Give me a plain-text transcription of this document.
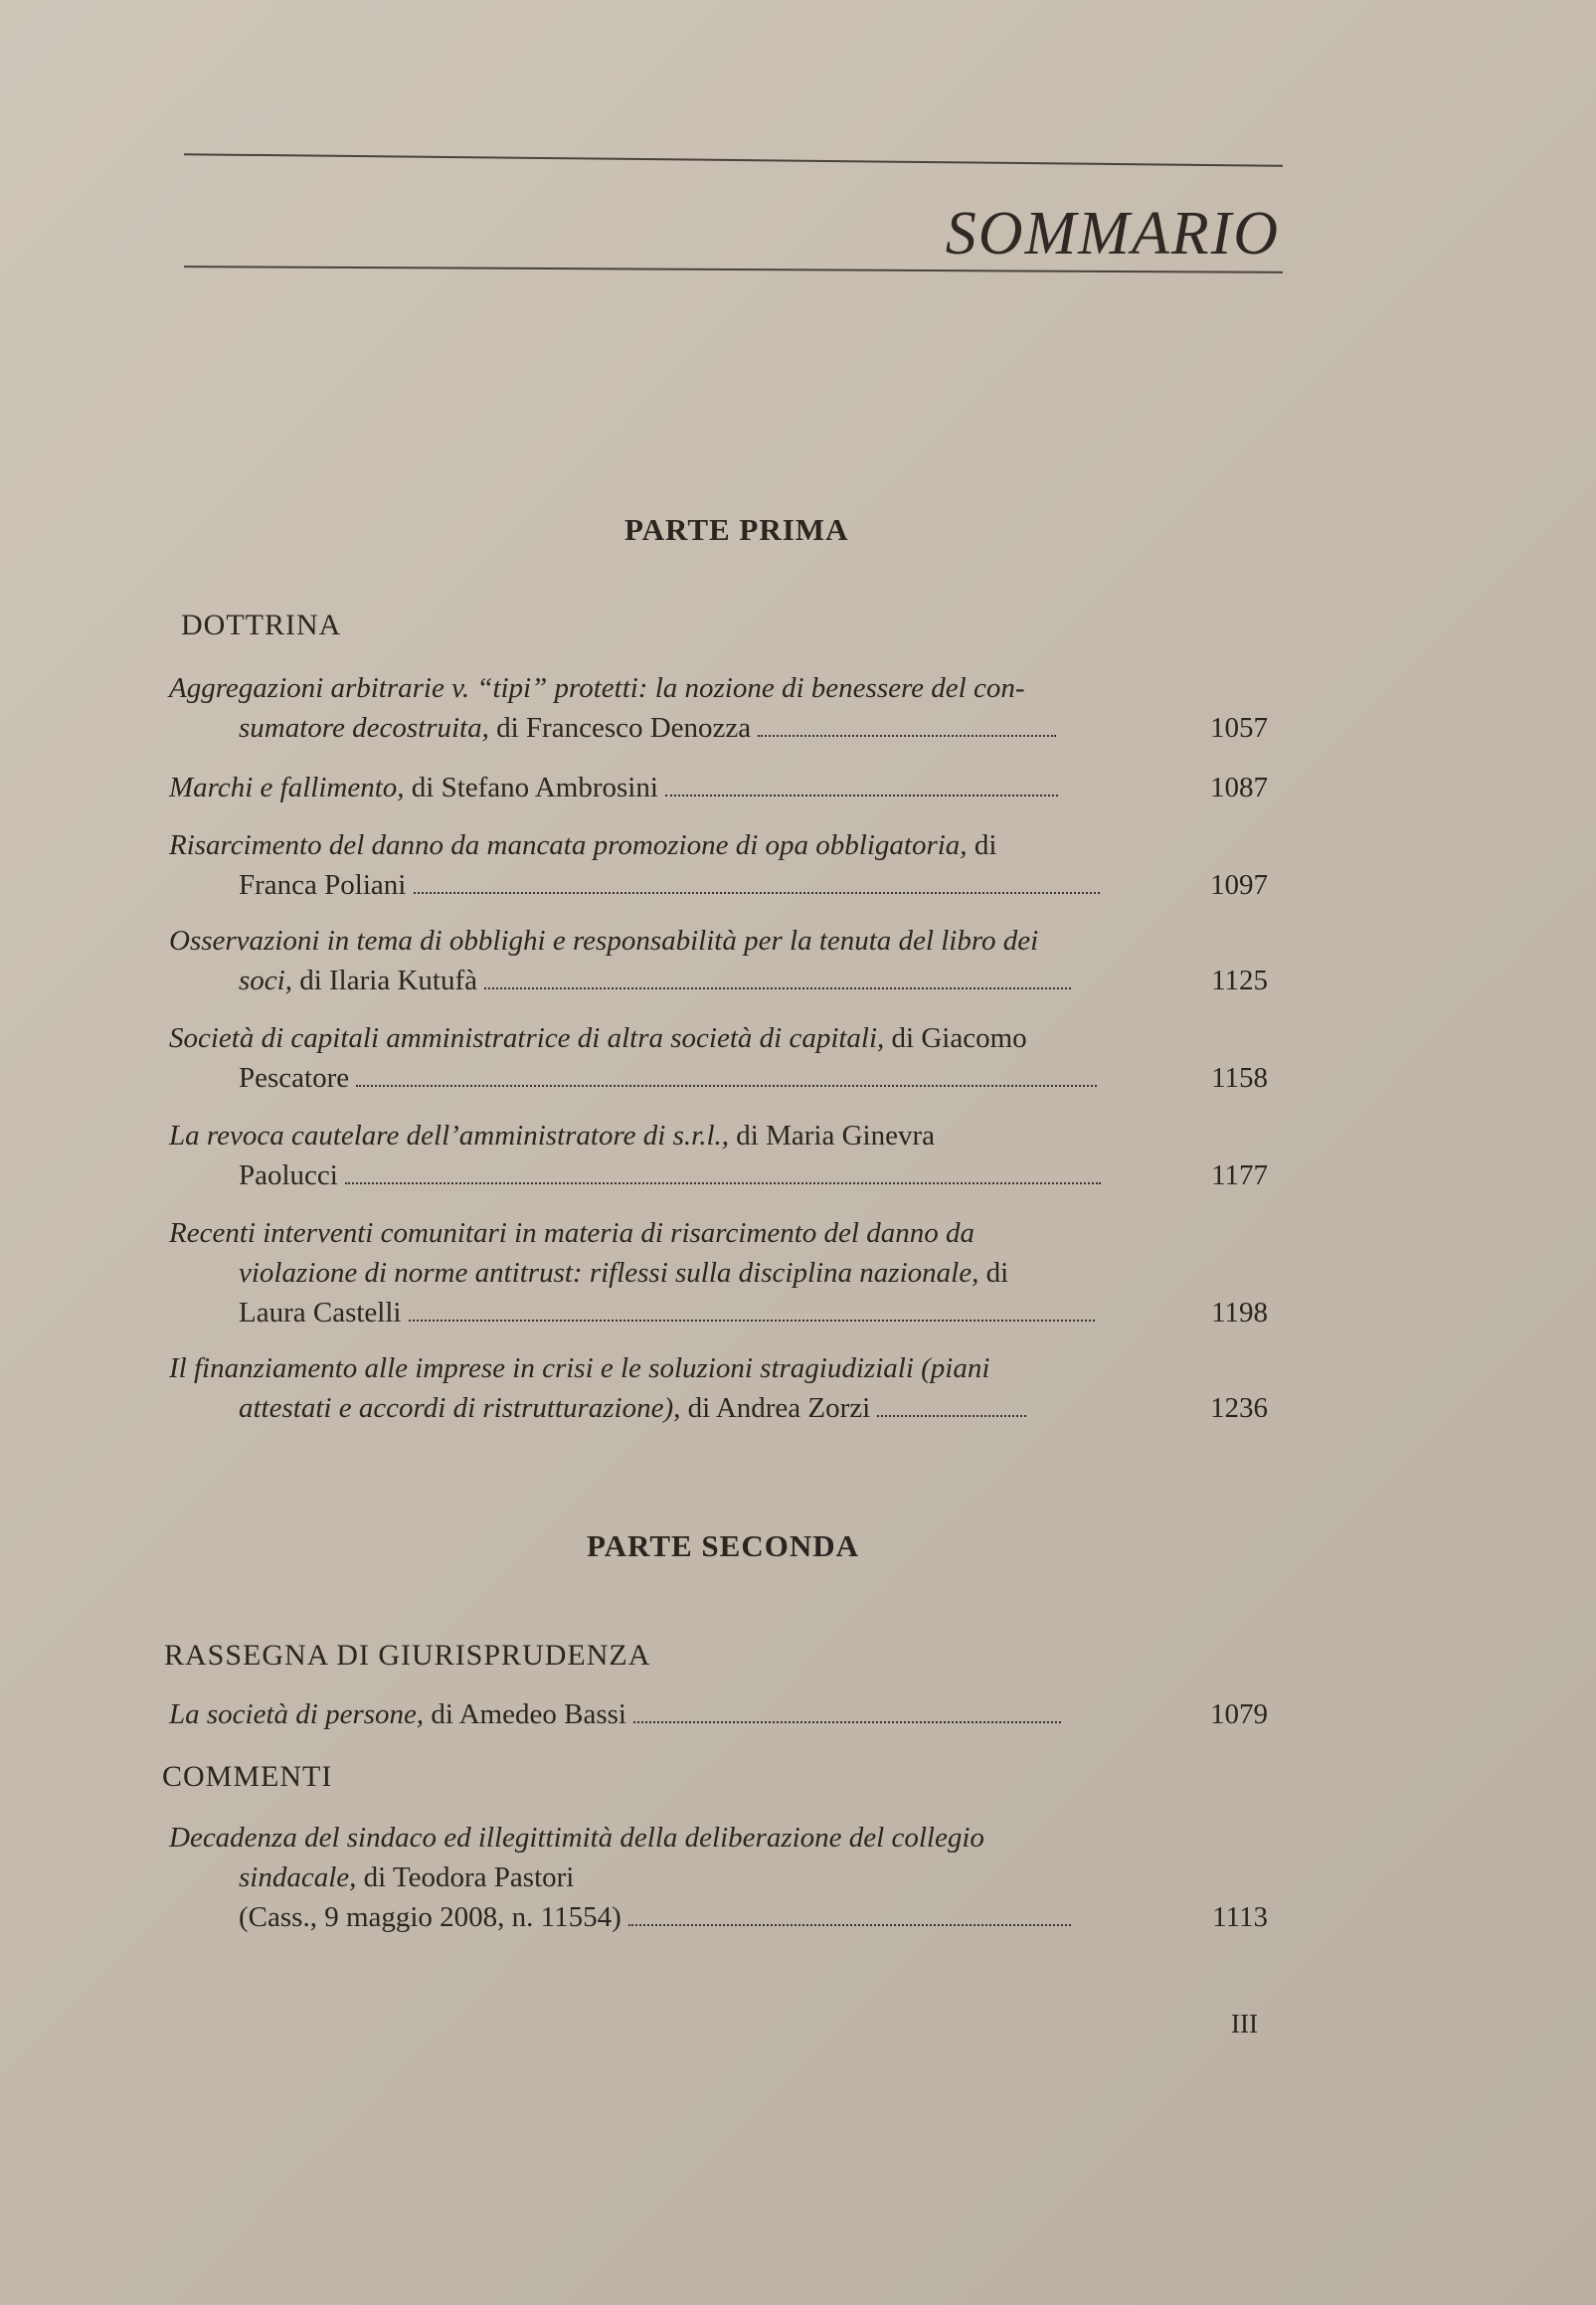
SOMMARIO
PARTE PRIMA
DOTTRINA
Aggregazioni arbitrarie v. “tipi” protetti: la nozione di benessere del con-
sumatore decostruita, di Francesco Denozza	1057
Marchi e fallimento, di Stefano Ambrosini	1087
Risarcimento del danno da mancata promozione di opa obbligatoria, di
Franca Poliani	1097
Osservazioni in tema di obblighi e responsabilità per la tenuta del libro dei
soci, di Ilaria Kutufà	1125
Società di capitali amministratrice di altra società di capitali, di Giacomo
Pescatore	1158
La revoca cautelare dell’amministratore di s.r.l., di Maria Ginevra
Paolucci	1177
Recenti interventi comunitari in materia di risarcimento del danno da
violazione di norme antitrust: riflessi sulla disciplina nazionale, di
Laura Castelli	1198
Il finanziamento alle imprese in crisi e le soluzioni stragiudiziali (piani
attestati e accordi di ristrutturazione), di Andrea Zorzi	1236
PARTE SECONDA
RASSEGNA DI GIURISPRUDENZA
La società di persone, di Amedeo Bassi	1079
COMMENTI
Decadenza del sindaco ed illegittimità della deliberazione del collegio
sindacale, di Teodora Pastori
(Cass., 9 maggio 2008, n. 11554)	1113
III
